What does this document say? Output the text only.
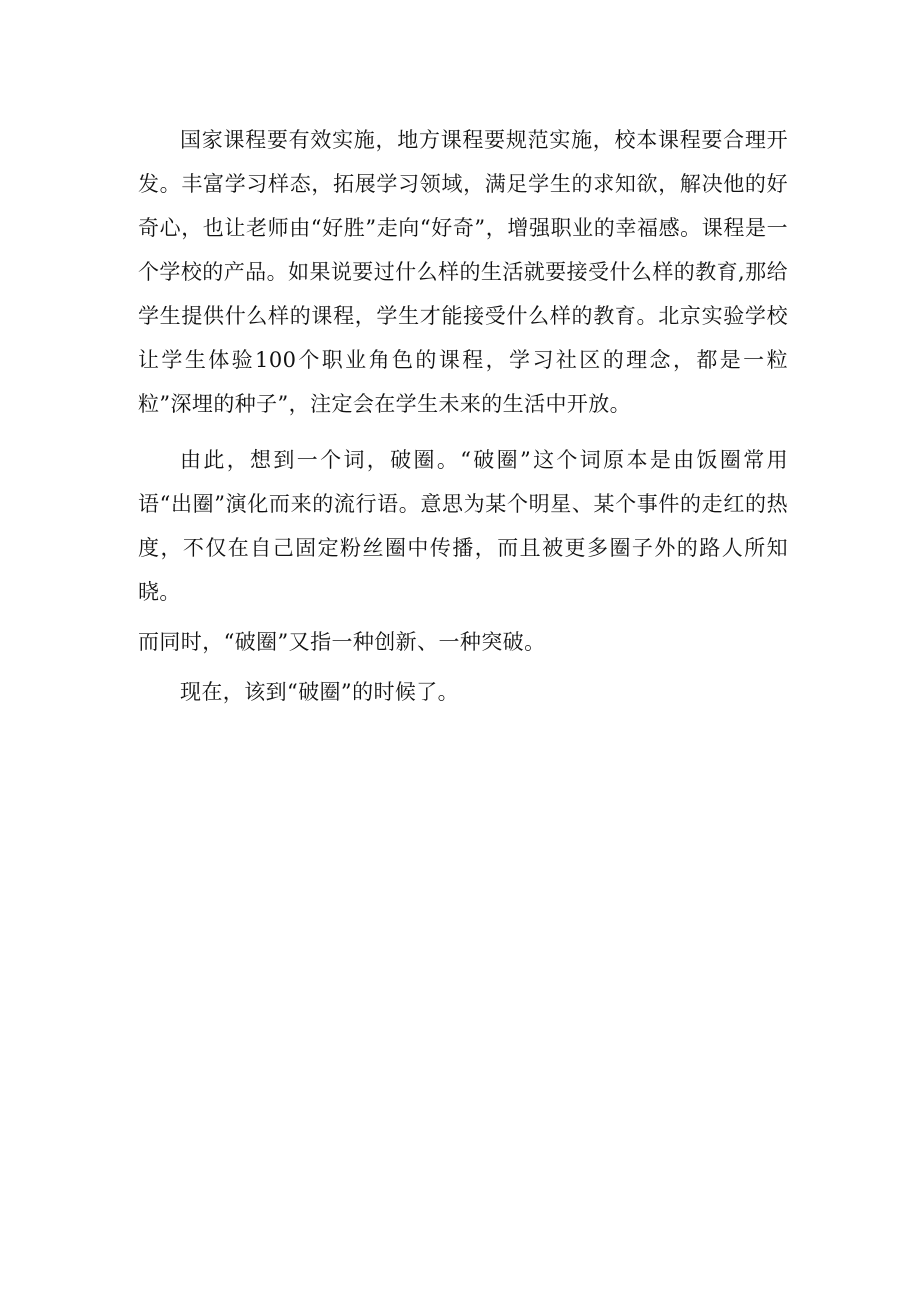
国家课程要有效实施，地方课程要规范实施，校本课程要合理开发。丰富学习样态，拓展学习领域，满足学生的求知欲，解决他的好奇心，也让老师由“好胜”走向“好奇”，增强职业的幸福感。课程是一个学校的产品。如果说要过什么样的生活就要接受什么样的教育,那给学生提供什么样的课程，学生才能接受什么样的教育。北京实验学校让学生体验100个职业角色的课程，学习社区的理念，都是一粒粒”深埋的种子”，注定会在学生未来的生活中开放。

由此，想到一个词，破圈。“破圈”这个词原本是由饭圈常用语“出圈”演化而来的流行语。意思为某个明星、某个事件的走红的热度，不仅在自己固定粉丝圈中传播，而且被更多圈子外的路人所知晓。

而同时，“破圈”又指一种创新、一种突破。

现在，该到“破圈”的时候了。
